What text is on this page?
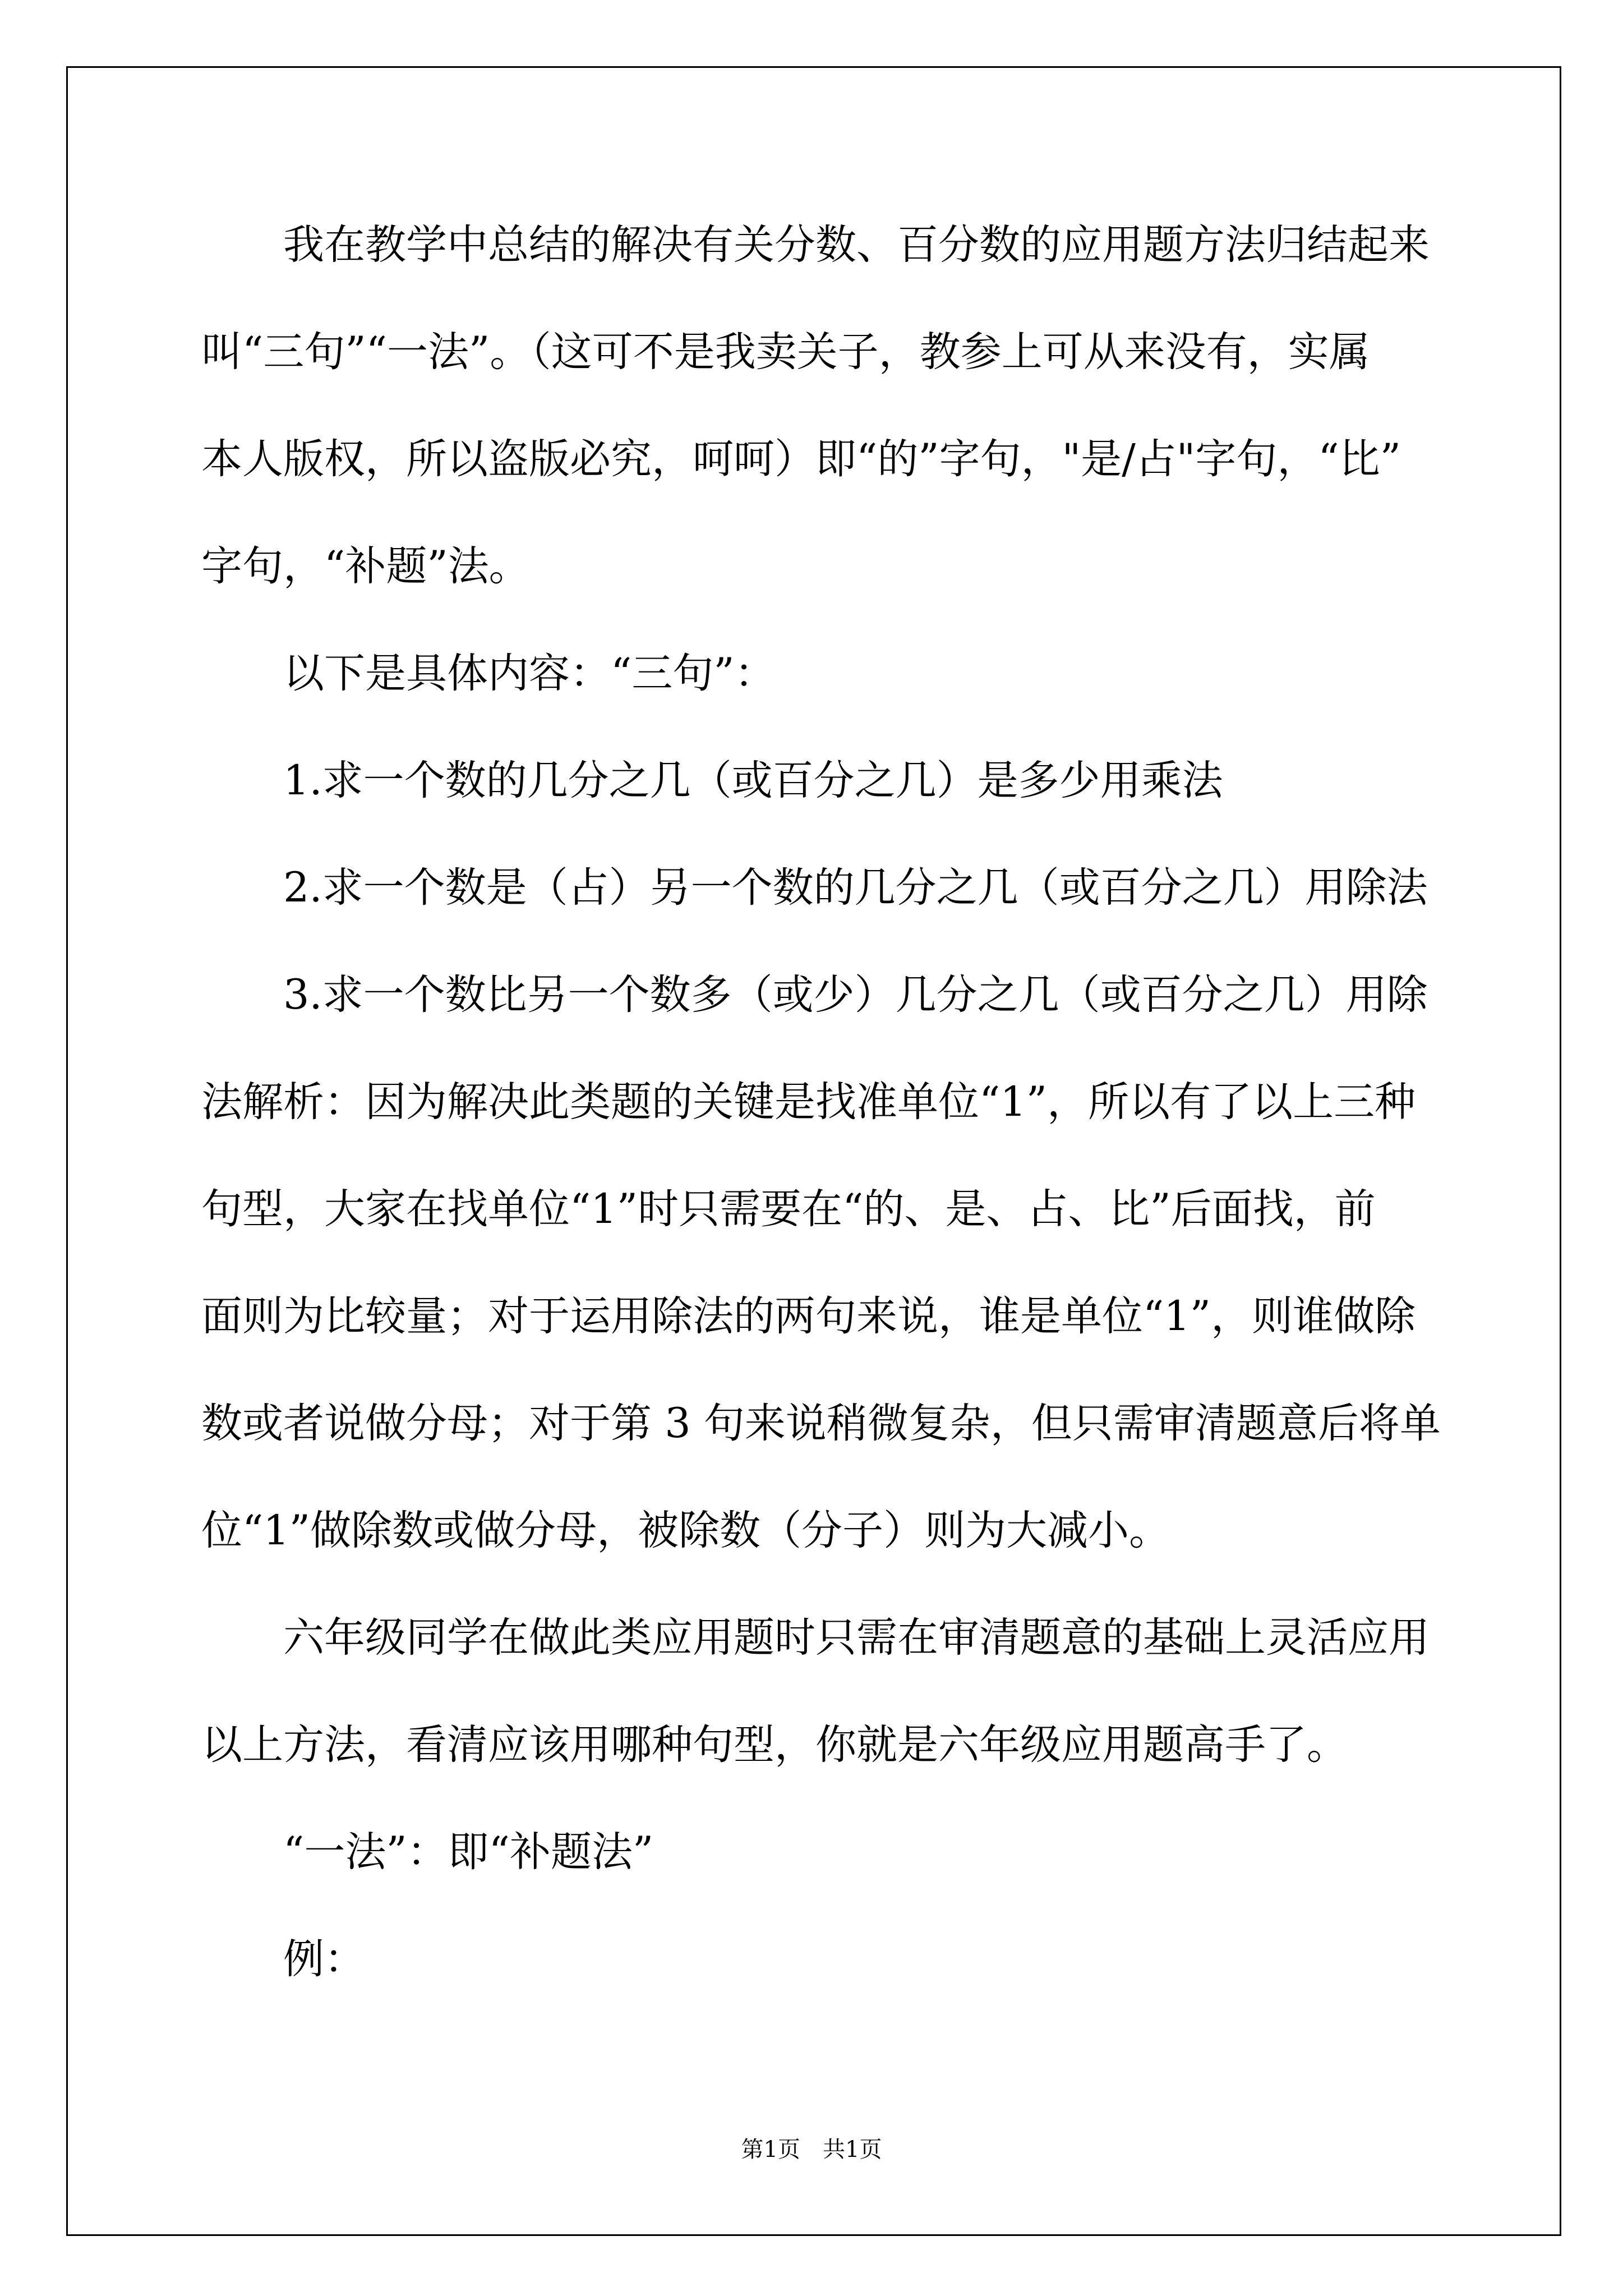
我在教学中总结的解决有关分数、百分数的应用题方法归结起来
叫“三句”“一法”。（这可不是我卖关子，教参上可从来没有，实属
本人版权，所以盗版必究，呵呵）即“的”字句，"是/占"字句，“比”
字句，“补题”法。
以下是具体内容：“三句”：
1.求一个数的几分之几（或百分之几）是多少用乘法
2.求一个数是（占）另一个数的几分之几（或百分之几）用除法
3.求一个数比另一个数多（或少）几分之几（或百分之几）用除
法解析：因为解决此类题的关键是找准单位“1”，所以有了以上三种
句型，大家在找单位“1”时只需要在“的、是、占、比”后面找，前
面则为比较量；对于运用除法的两句来说，谁是单位“1”，则谁做除
数或者说做分母；对于第 3 句来说稍微复杂，但只需审清题意后将单
位“1”做除数或做分母，被除数（分子）则为大减小。
六年级同学在做此类应用题时只需在审清题意的基础上灵活应用
以上方法，看清应该用哪种句型，你就是六年级应用题高手了。
“一法”：即“补题法”
例：
第1页　共1页
